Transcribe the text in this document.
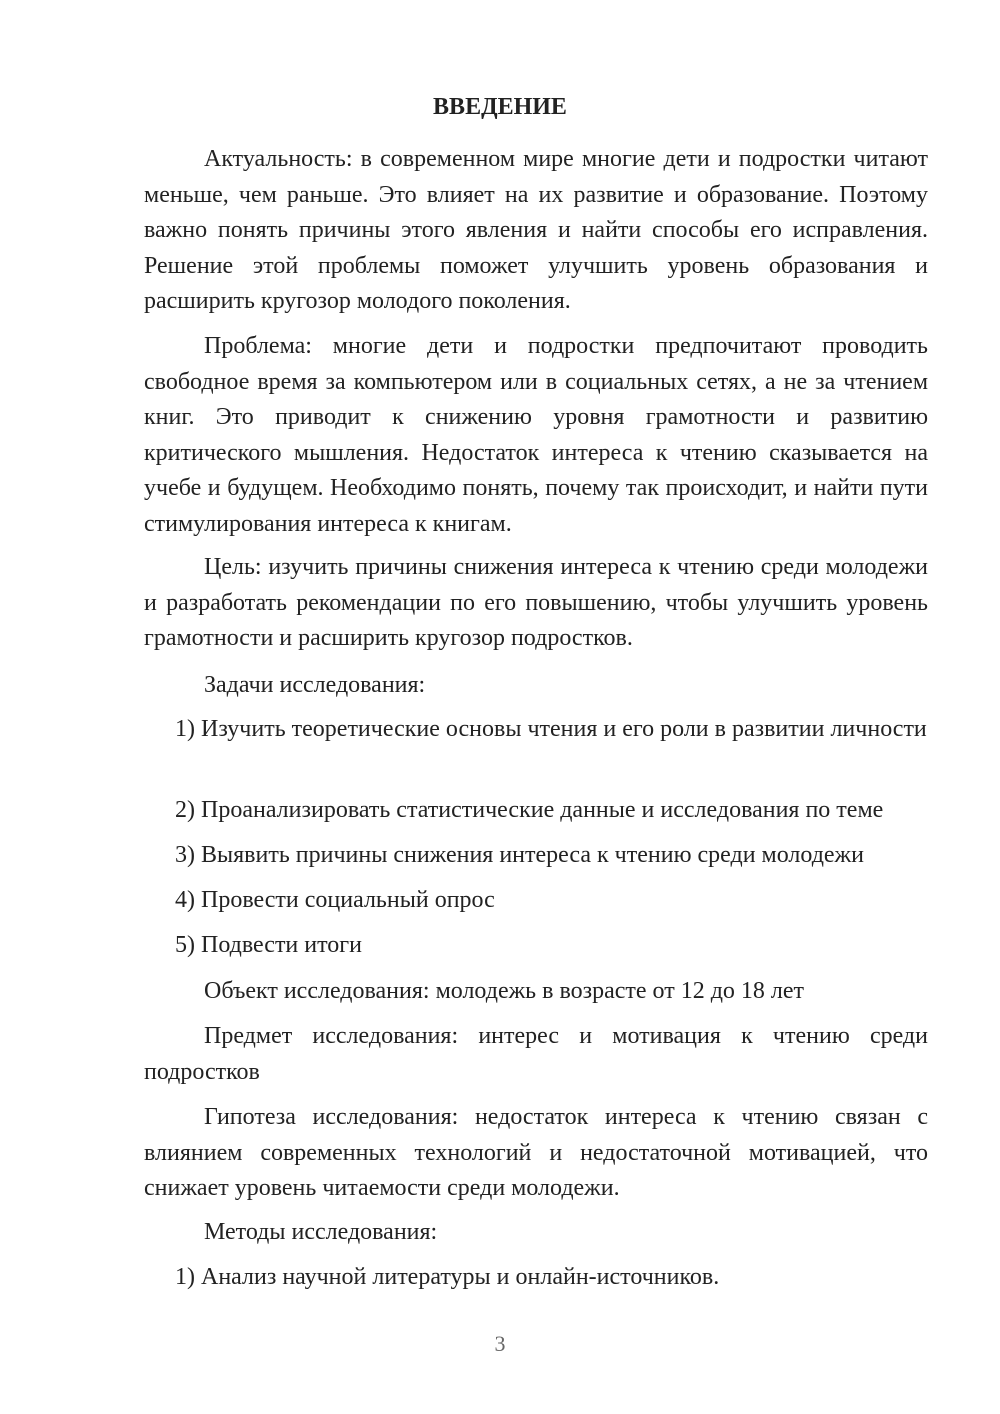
ВВЕДЕНИЕ

Актуальность: в современном мире многие дети и подростки читают меньше, чем раньше. Это влияет на их развитие и образование. Поэтому важно понять причины этого явления и найти способы его исправления. Решение этой проблемы поможет улучшить уровень образования и расширить кругозор молодого поколения.

Проблема: многие дети и подростки предпочитают проводить свободное время за компьютером или в социальных сетях, а не за чтением книг. Это приводит к снижению уровня грамотности и развитию критического мышления. Недостаток интереса к чтению сказывается на учебе и будущем. Необходимо понять, почему так происходит, и найти пути стимулирования интереса к книгам.

Цель: изучить причины снижения интереса к чтению среди молодежи и разработать рекомендации по его повышению, чтобы улучшить уровень грамотности и расширить кругозор подростков.

Задачи исследования:

1) Изучить теоретические основы чтения и его роли в развитии личности

2) Проанализировать статистические данные и исследования по теме

3) Выявить причины снижения интереса к чтению среди молодежи

4) Провести социальный опрос

5) Подвести итоги

Объект исследования: молодежь в возрасте от 12 до 18 лет

Предмет исследования: интерес и мотивация к чтению среди подростков

Гипотеза исследования: недостаток интереса к чтению связан с влиянием современных технологий и недостаточной мотивацией, что снижает уровень читаемости среди молодежи.

Методы исследования:

1) Анализ научной литературы и онлайн-источников.

3
